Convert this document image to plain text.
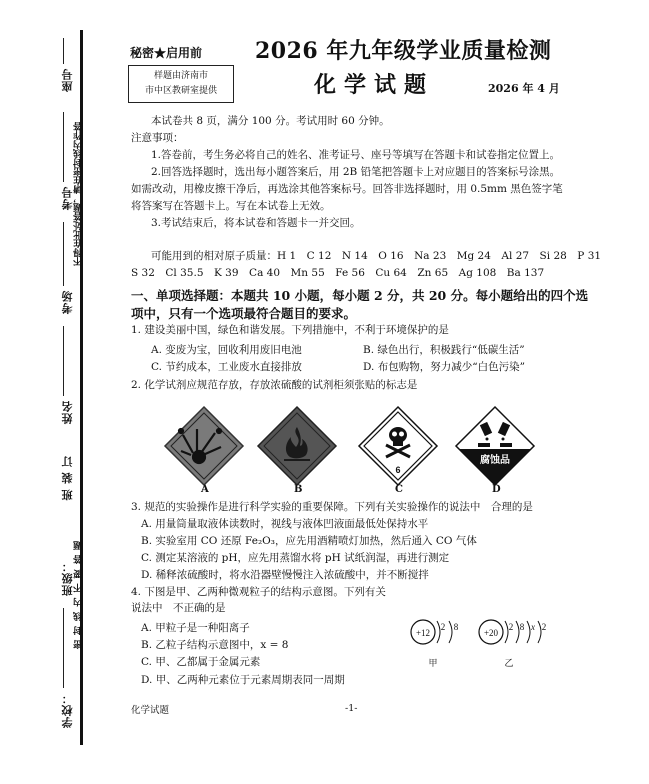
座号
不得在此处答题，请在密封线内作答
考号
考场
姓名
班 装 订
班级： 密 封 线 内 不 要 答 题
学校：
秘密★启用前
样题由济南市
市中区教研室提供
2026 年九年级学业质量检测
化学试题	2026 年 4 月
本试卷共 8 页，满分 100 分。考试用时 60 分钟。
注意事项：
1.答卷前，考生务必将自己的姓名、准考证号、座号等填写在答题卡和试卷指定位置上。
2.回答选择题时，选出每小题答案后，用 2B 铅笔把答题卡上对应题目的答案标号涂黑。
如需改动，用橡皮擦干净后，再选涂其他答案标号。回答非选择题时，用 0.5mm 黑色签字笔
将答案写在答题卡上。写在本试卷上无效。
3.考试结束后，将本试卷和答题卡一并交回。
可能用到的相对原子质量：H 1　C 12　N 14　O 16　Na 23　Mg 24　Al 27　Si 28　P 31
S 32　Cl 35.5　K 39　Ca 40　Mn 55　Fe 56　Cu 64　Zn 65　Ag 108　Ba 137
一、单项选择题：本题共 10 小题，每小题 2 分，共 20 分。每小题给出的四个选
项中，只有一个选项最符合题目的要求。
1. 建设美丽中国，绿色和谐发展。下列措施中，不利于环境保护的是
A. 变废为宝，回收利用废旧电池	B. 绿色出行，积极践行“低碳生活”
C. 节约成本，工业废水直接排放	D. 布包购物，努力减少“白色污染”
2. 化学试剂应规范存放，存放浓硫酸的试剂柜须张贴的标志是
A	B
6
C
腐蚀品
D
3. 规范的实验操作是进行科学实验的重要保障。下列有关实验操作的说法中　合理的是
A. 用量筒量取液体读数时，视线与液体凹液面最低处保持水平
B. 实验室用 CO 还原 Fe₂O₃，应先用酒精喷灯加热，然后通入 CO 气体
C. 测定某溶液的 pH，应先用蒸馏水将 pH 试纸润湿，再进行测定
D. 稀释浓硫酸时，将水沿器壁慢慢注入浓硫酸中，并不断搅拌
4. 下图是甲、乙两种微观粒子的结构示意图。下列有关
说法中　不正确的是
A. 甲粒子是一种阳离子
B. 乙粒子结构示意图中，x = 8
C. 甲、乙都属于金属元素
D. 甲、乙两种元素位于元素周期表同一周期
+12
2 8
甲
+20
2 8 x 2
乙
化学试题	-1-
